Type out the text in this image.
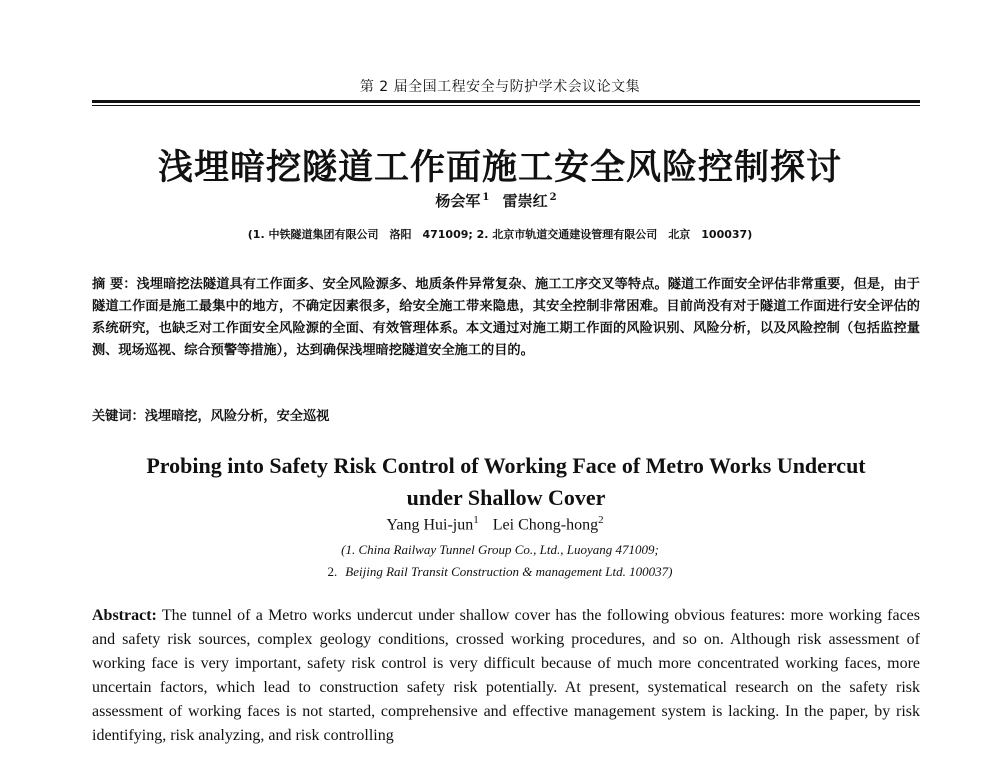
第 2 届全国工程安全与防护学术会议论文集
浅埋暗挖隧道工作面施工安全风险控制探讨
杨会军 $^1$ 雷崇红 $^2$
(1. 中铁隧道集团有限公司　洛阳　471009; 2. 北京市轨道交通建设管理有限公司　北京　100037)
摘 要：浅埋暗挖法隧道具有工作面多、安全风险源多、地质条件异常复杂、施工工序交叉等特点。隧道工作面安全评估非常重要，但是，由于隧道工作面是施工最集中的地方，不确定因素很多，给安全施工带来隐患，其安全控制非常困难。目前尚没有对于隧道工作面进行安全评估的系统研究，也缺乏对工作面安全风险源的全面、有效管理体系。本文通过对施工期工作面的风险识别、风险分析，以及风险控制（包括监控量测、现场巡视、综合预警等措施），达到确保浅埋暗挖隧道安全施工的目的。
关键词：浅埋暗挖，风险分析，安全巡视
Probing into Safety Risk Control of Working Face of Metro Works Undercut
under Shallow Cover
Yang Hui-jun$^1$ Lei Chong-hong$^2$
(1. China Railway Tunnel Group Co., Ltd., Luoyang 471009;
2. Beijing Rail Transit Construction & management Ltd. 100037)
Abstract: The tunnel of a Metro works undercut under shallow cover has the following obvious features: more working faces and safety risk sources, complex geology conditions, crossed working procedures, and so on. Although risk assessment of working face is very important, safety risk control is very difficult because of much more concentrated working faces, more uncertain factors, which lead to construction safety risk potentially. At present, systematical research on the safety risk assessment of working faces is not started, comprehensive and effective management system is lacking. In the paper, by risk identifying, risk analyzing, and risk controlling
